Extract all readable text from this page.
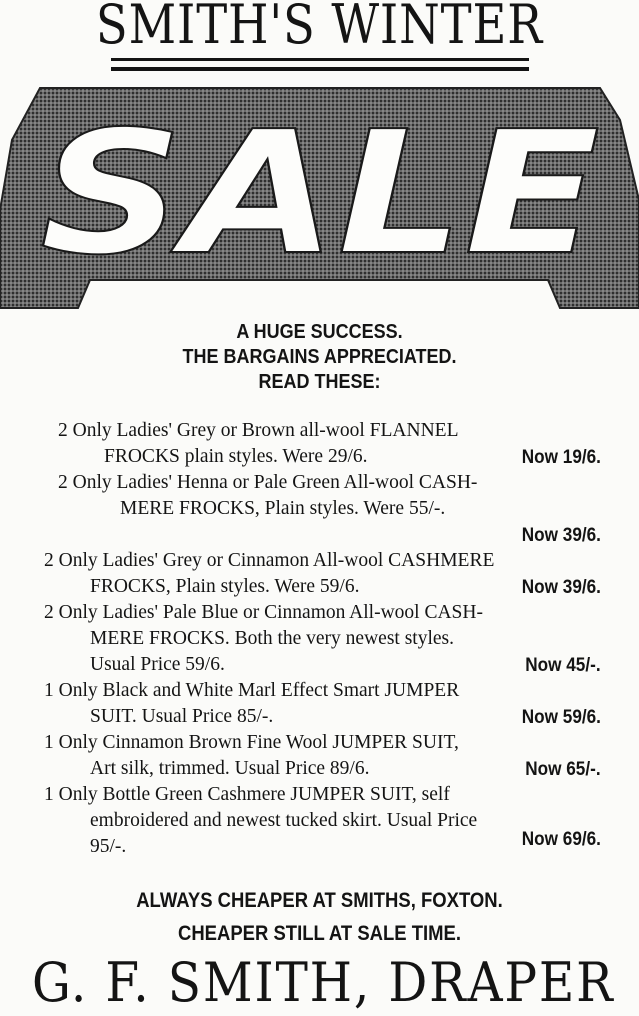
SMITH'S WINTER
SALE
A HUGE SUCCESS.
THE BARGAINS APPRECIATED.
READ THESE:
2 Only Ladies' Grey or Brown all-wool FLANNEL
FROCKS plain styles. Were 29/6.	Now 19/6.
2 Only Ladies' Henna or Pale Green All-wool CASH-
MERE FROCKS, Plain styles. Were 55/-.
Now 39/6.
2 Only Ladies' Grey or Cinnamon All-wool CASHMERE
FROCKS, Plain styles. Were 59/6.	Now 39/6.
2 Only Ladies' Pale Blue or Cinnamon All-wool CASH-
MERE FROCKS. Both the very newest styles.
Usual Price 59/6.	Now 45/-.
1 Only Black and White Marl Effect Smart JUMPER
SUIT. Usual Price 85/-.	Now 59/6.
1 Only Cinnamon Brown Fine Wool JUMPER SUIT,
Art silk, trimmed. Usual Price 89/6.	Now 65/-.
1 Only Bottle Green Cashmere JUMPER SUIT, self
embroidered and newest tucked skirt. Usual Price
95/-.	Now 69/6.
ALWAYS CHEAPER AT SMITHS, FOXTON.
CHEAPER STILL AT SALE TIME.
G. F. SMITH, DRAPER
